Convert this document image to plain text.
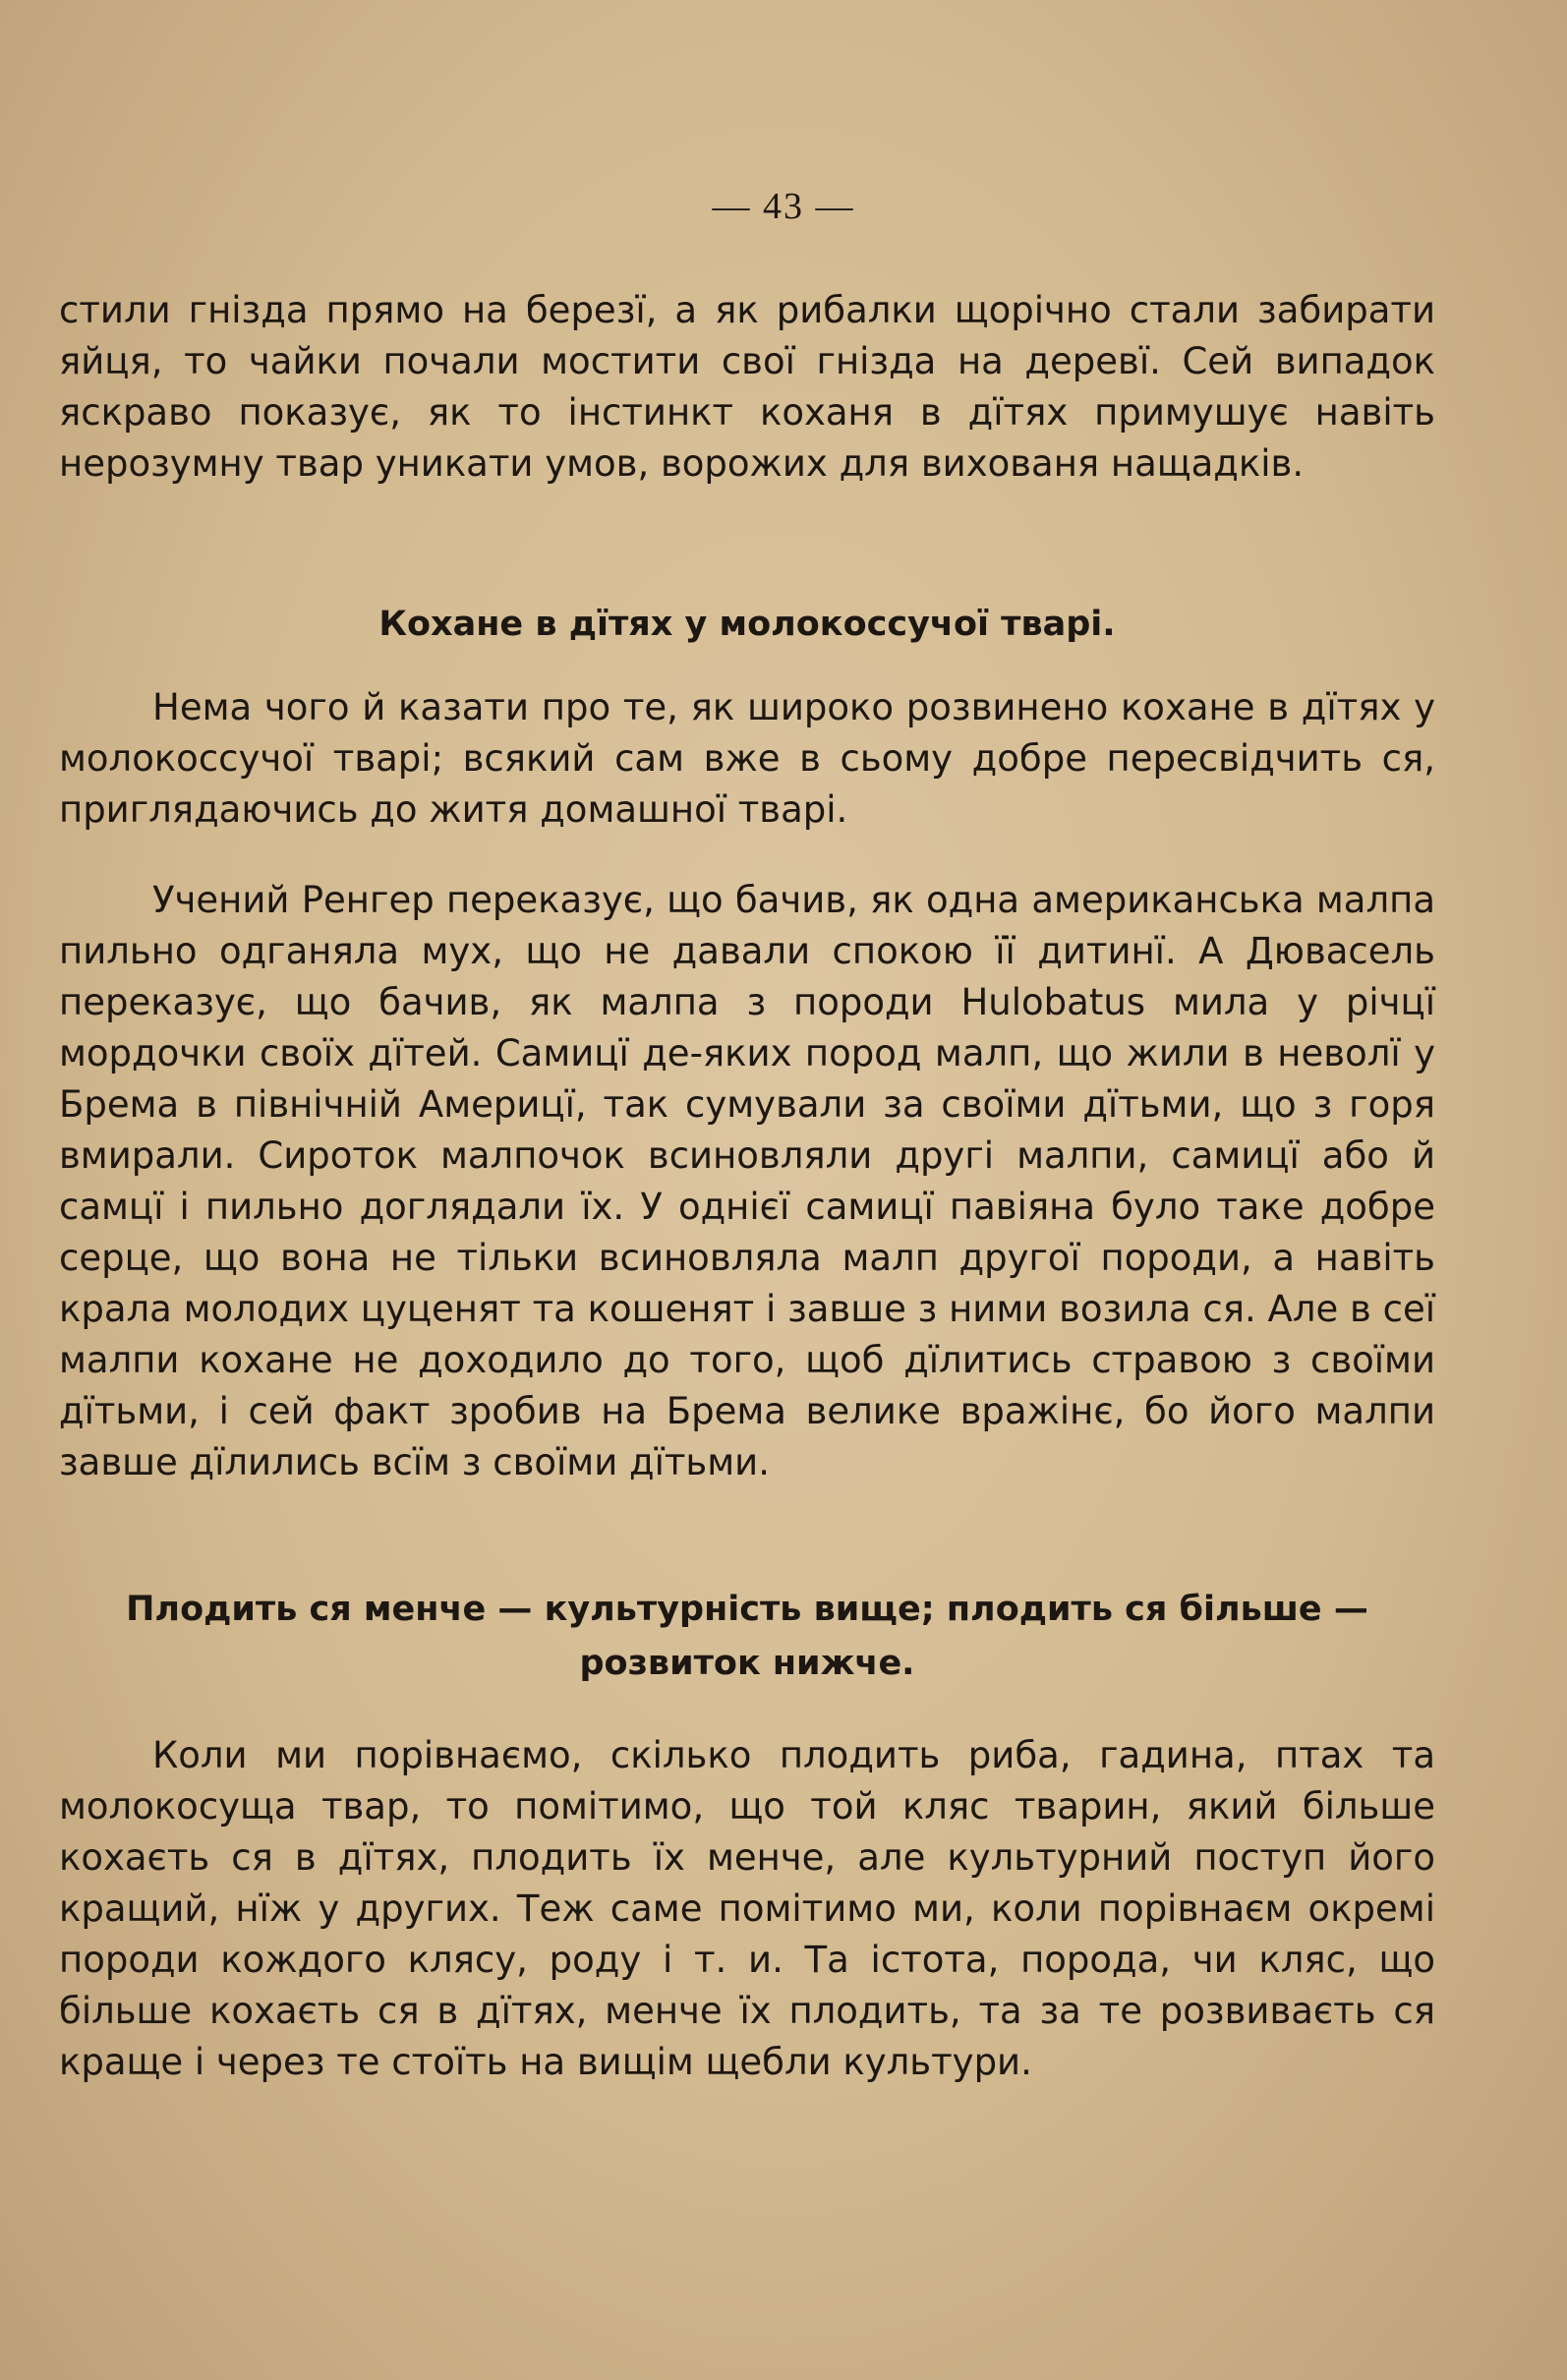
— 43 —
стили гнізда прямо на березї, а як рибалки щорічно стали забирати яйця, то чайки почали мостити свої гнізда на деревї. Сей випадок яскраво показує, як то інстинкт коханя в дїтях примушує навіть нерозумну твар уникати умов, ворожих для вихованя нащадків.
Кохане в дїтях у молокоссучої тварі.
Нема чого й казати про те, як широко розвинено кохане в дїтях у молокоссучої тварі; всякий сам вже в сьому добре пересвідчить ся, приглядаючись до житя домашної тварі.
Учений Ренгер переказує, що бачив, як одна американська малпа пильно одганяла мух, що не давали спокою її дитинї. А Дювасель переказує, що бачив, як малпа з породи Hulobatus мила у річцї мордочки своїх дїтей. Самицї де-яких пород малп, що жили в неволї у Брема в північній Америцї, так сумували за своїми дїтьми, що з горя вмирали. Сироток малпочок всиновляли другі малпи, самицї або й самцї і пильно доглядали їх. У однієї самицї павіяна було таке добре серце, що вона не тільки всиновляла малп другої породи, а навіть крала молодих цуценят та кошенят і завше з ними возила ся. Але в сеї малпи кохане не доходило до того, щоб дїлитись стравою з своїми дїтьми, і сей факт зробив на Брема велике вражінє, бо його малпи завше дїлились всїм з своїми дїтьми.
Плодить ся менче — культурність вище; плодить ся більше — розвиток нижче.
Коли ми порівнаємо, скілько плодить риба, гадина, птах та молокосуща твар, то помітимо, що той кляс тварин, який більше кохаєть ся в дїтях, плодить їх менче, але культурний поступ його кращий, нїж у других. Теж саме помітимо ми, коли порівнаєм окремі породи кождого клясу, роду і т. и. Та істота, порода, чи кляс, що більше кохаєть ся в дїтях, менче їх плодить, та за те розвиваєть ся краще і через те стоїть на вищім щебли культури.
